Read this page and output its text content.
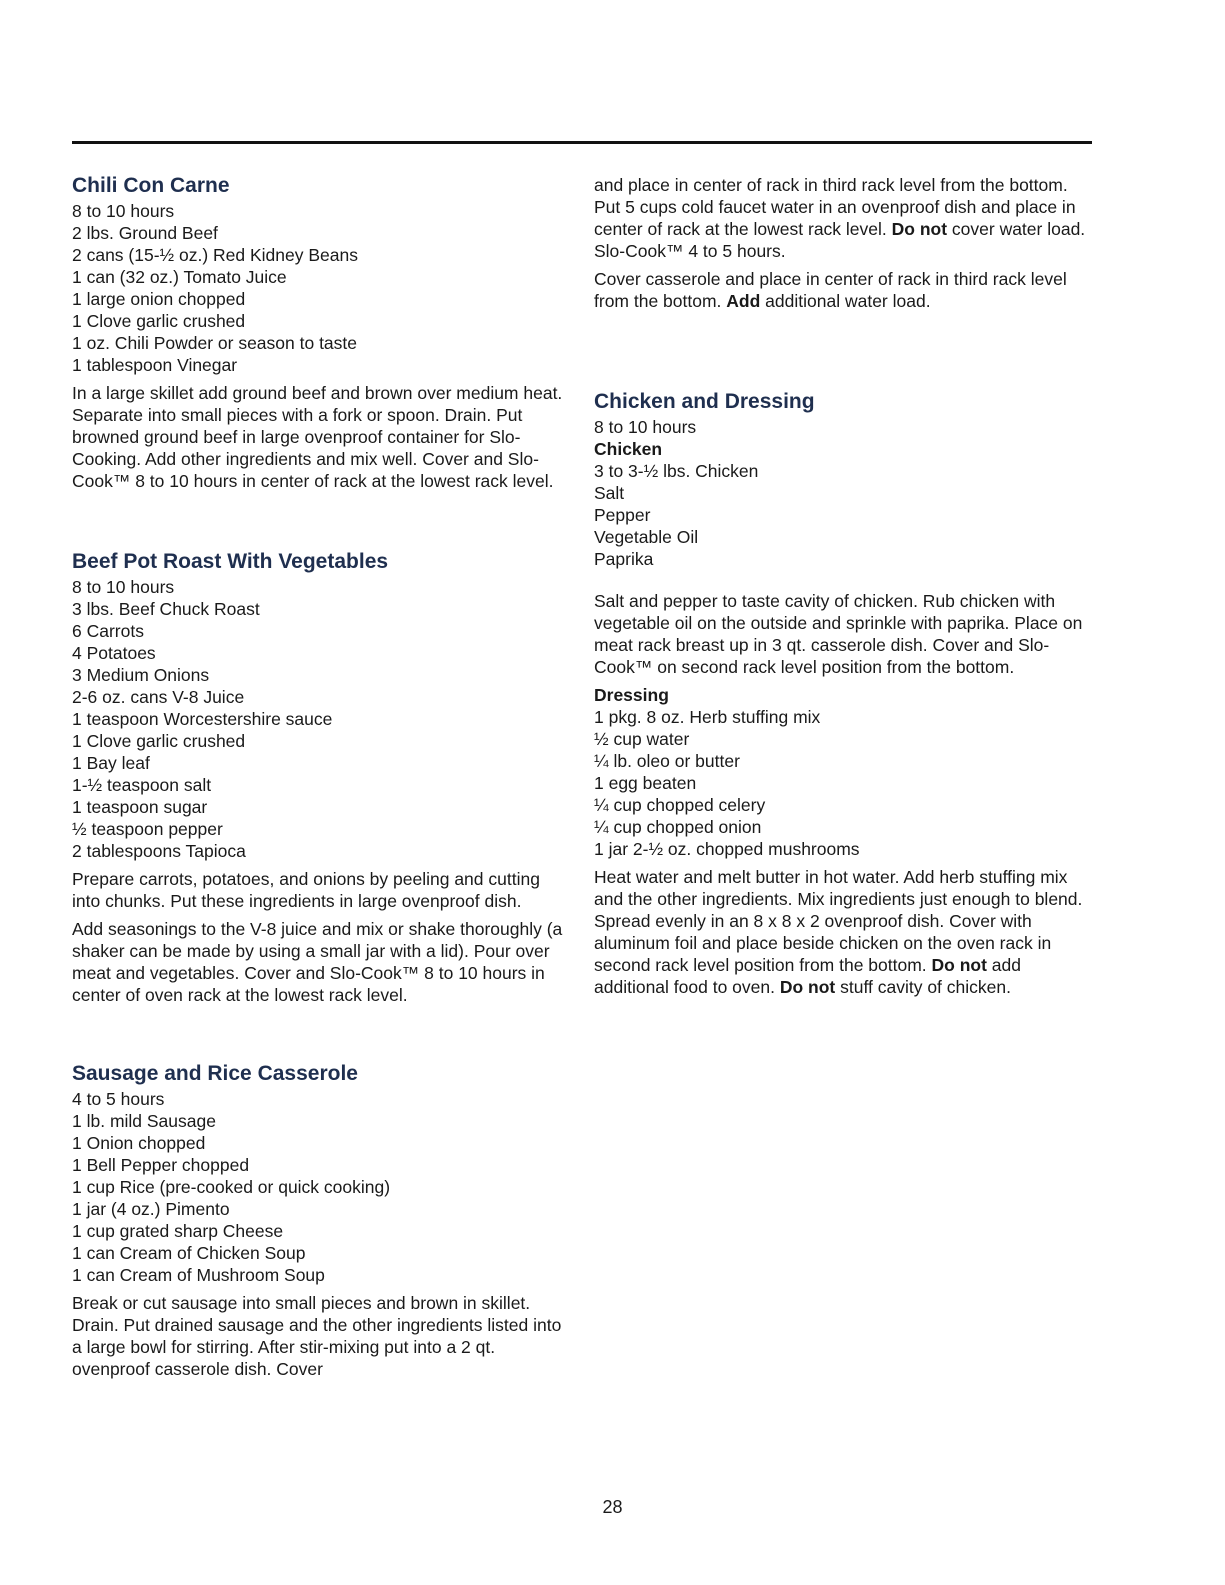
Chili Con Carne
8 to 10 hours
2 lbs. Ground Beef
2 cans (15-½ oz.) Red Kidney Beans
1 can (32 oz.) Tomato Juice
1 large onion chopped
1 Clove garlic crushed
1 oz. Chili Powder or season to taste
1 tablespoon Vinegar

In a large skillet add ground beef and brown over medium heat. Separate into small pieces with a fork or spoon. Drain. Put browned ground beef in large ovenproof container for Slo-Cooking. Add other ingredients and mix well. Cover and Slo-Cook™ 8 to 10 hours in center of rack at the lowest rack level.

Beef Pot Roast With Vegetables
8 to 10 hours
3 lbs. Beef Chuck Roast
6 Carrots
4 Potatoes
3 Medium Onions
2-6 oz. cans V-8 Juice
1 teaspoon Worcestershire sauce
1 Clove garlic crushed
1 Bay leaf
1-½ teaspoon salt
1 teaspoon sugar
½ teaspoon pepper
2 tablespoons Tapioca

Prepare carrots, potatoes, and onions by peeling and cutting into chunks. Put these ingredients in large ovenproof dish.

Add seasonings to the V-8 juice and mix or shake thoroughly (a shaker can be made by using a small jar with a lid). Pour over meat and vegetables. Cover and Slo-Cook™ 8 to 10 hours in center of oven rack at the lowest rack level.

Sausage and Rice Casserole
4 to 5 hours
1 lb. mild Sausage
1 Onion chopped
1 Bell Pepper chopped
1 cup Rice (pre-cooked or quick cooking)
1 jar (4 oz.) Pimento
1 cup grated sharp Cheese
1 can Cream of Chicken Soup
1 can Cream of Mushroom Soup

Break or cut sausage into small pieces and brown in skillet. Drain. Put drained sausage and the other ingredients listed into a large bowl for stirring. After stir-mixing put into a 2 qt. ovenproof casserole dish. Cover

and place in center of rack in third rack level from the bottom. Put 5 cups cold faucet water in an ovenproof dish and place in center of rack at the lowest rack level. Do not cover water load. Slo-Cook™ 4 to 5 hours.

Cover casserole and place in center of rack in third rack level from the bottom. Add additional water load.

Chicken and Dressing
8 to 10 hours
Chicken
3 to 3-½ lbs. Chicken
Salt
Pepper
Vegetable Oil
Paprika

Salt and pepper to taste cavity of chicken. Rub chicken with vegetable oil on the outside and sprinkle with paprika. Place on meat rack breast up in 3 qt. casserole dish. Cover and Slo-Cook™ on second rack level position from the bottom.

Dressing
1 pkg. 8 oz. Herb stuffing mix
½ cup water
¼ lb. oleo or butter
1 egg beaten
¼ cup chopped celery
¼ cup chopped onion
1 jar 2-½ oz. chopped mushrooms

Heat water and melt butter in hot water. Add herb stuffing mix and the other ingredients. Mix ingredients just enough to blend. Spread evenly in an 8 x 8 x 2 ovenproof dish. Cover with aluminum foil and place beside chicken on the oven rack in second rack level position from the bottom. Do not add additional food to oven. Do not stuff cavity of chicken.

28
